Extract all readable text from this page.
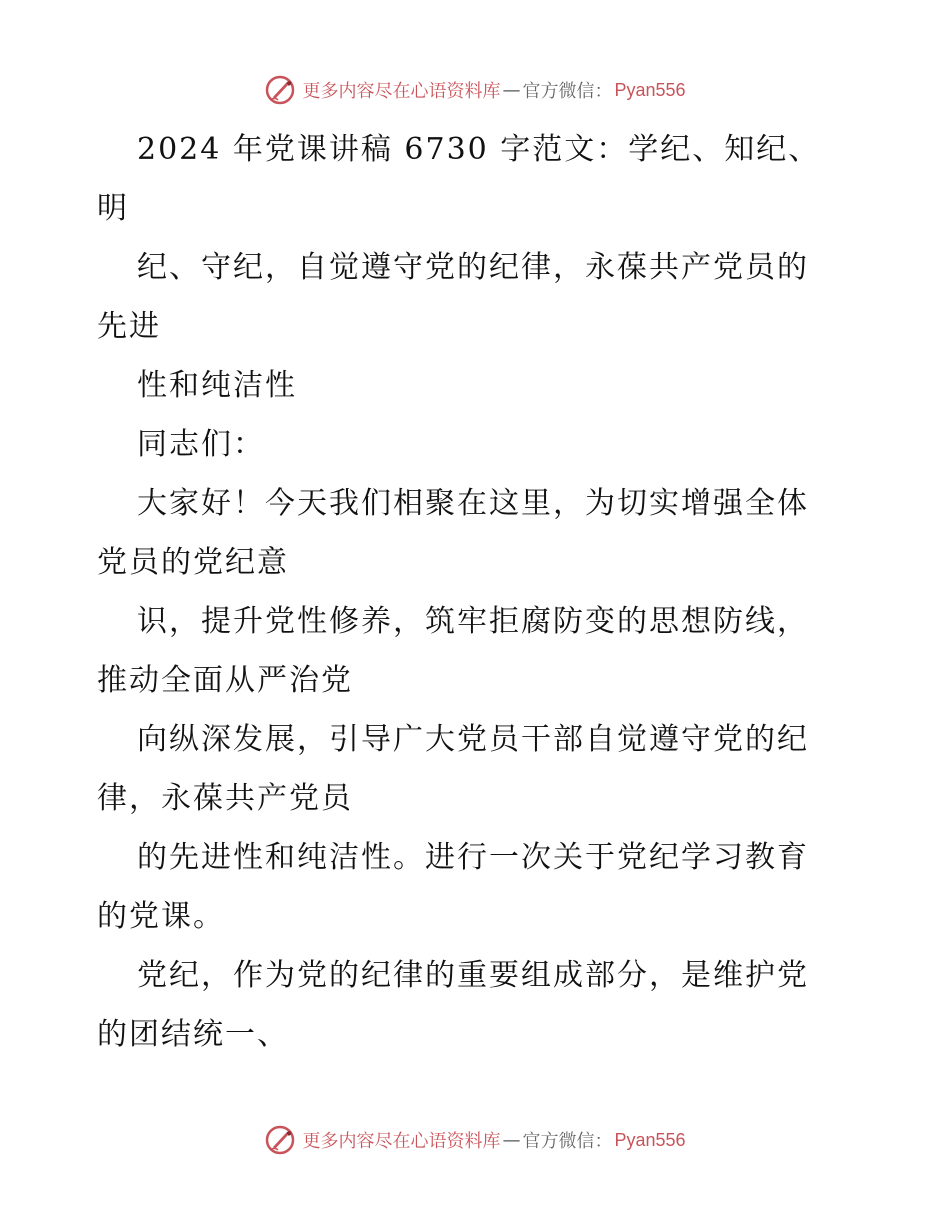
更多内容尽在心语资料库 — 官方微信： Pyan556
2024 年党课讲稿 6730 字范文：学纪、知纪、
明
纪、守纪，自觉遵守党的纪律，永葆共产党员的
先进
性和纯洁性
同志们：
大家好！今天我们相聚在这里，为切实增强全体
党员的党纪意
识，提升党性修养，筑牢拒腐防变的思想防线，
推动全面从严治党
向纵深发展，引导广大党员干部自觉遵守党的纪
律，永葆共产党员
的先进性和纯洁性。进行一次关于党纪学习教育
的党课。
党纪，作为党的纪律的重要组成部分，是维护党
的团结统一、
更多内容尽在心语资料库 — 官方微信： Pyan556
